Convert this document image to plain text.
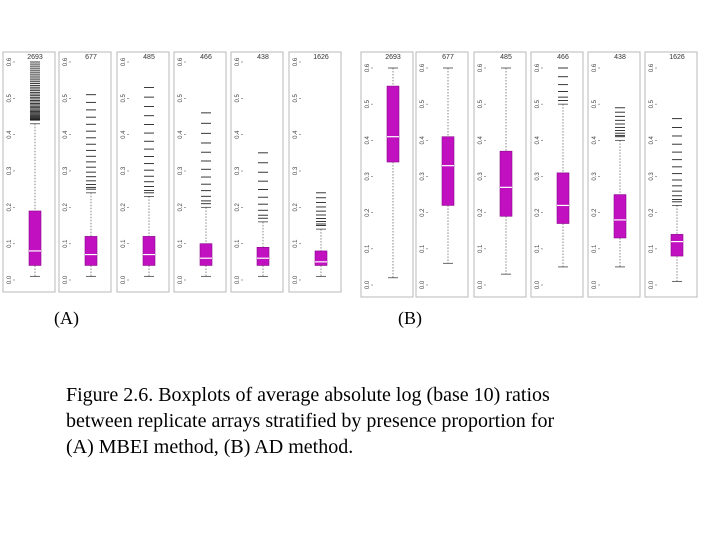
2693
0.0
0.1
0.2
0.3
0.4
0.5
0.6
677
0.0
0.1
0.2
0.3
0.4
0.5
0.6
485
0.0
0.1
0.2
0.3
0.4
0.5
0.6
466
0.0
0.1
0.2
0.3
0.4
0.5
0.6
438
0.0
0.1
0.2
0.3
0.4
0.5
0.6
1626
0.0
0.1
0.2
0.3
0.4
0.5
0.6
2693
0.0
0.1
0.2
0.3
0.4
0.5
0.6
677
0.0
0.1
0.2
0.3
0.4
0.5
0.6
485
0.0
0.1
0.2
0.3
0.4
0.5
0.6
466
0.0
0.1
0.2
0.3
0.4
0.5
0.6
438
0.0
0.1
0.2
0.3
0.4
0.5
0.6
1626
0.0
0.1
0.2
0.3
0.4
0.5
0.6
(A)	(B)
Figure 2.6. Boxplots of average absolute log (base 10) ratios
between replicate arrays stratified by presence proportion for
(A) MBEI method, (B) AD method.
